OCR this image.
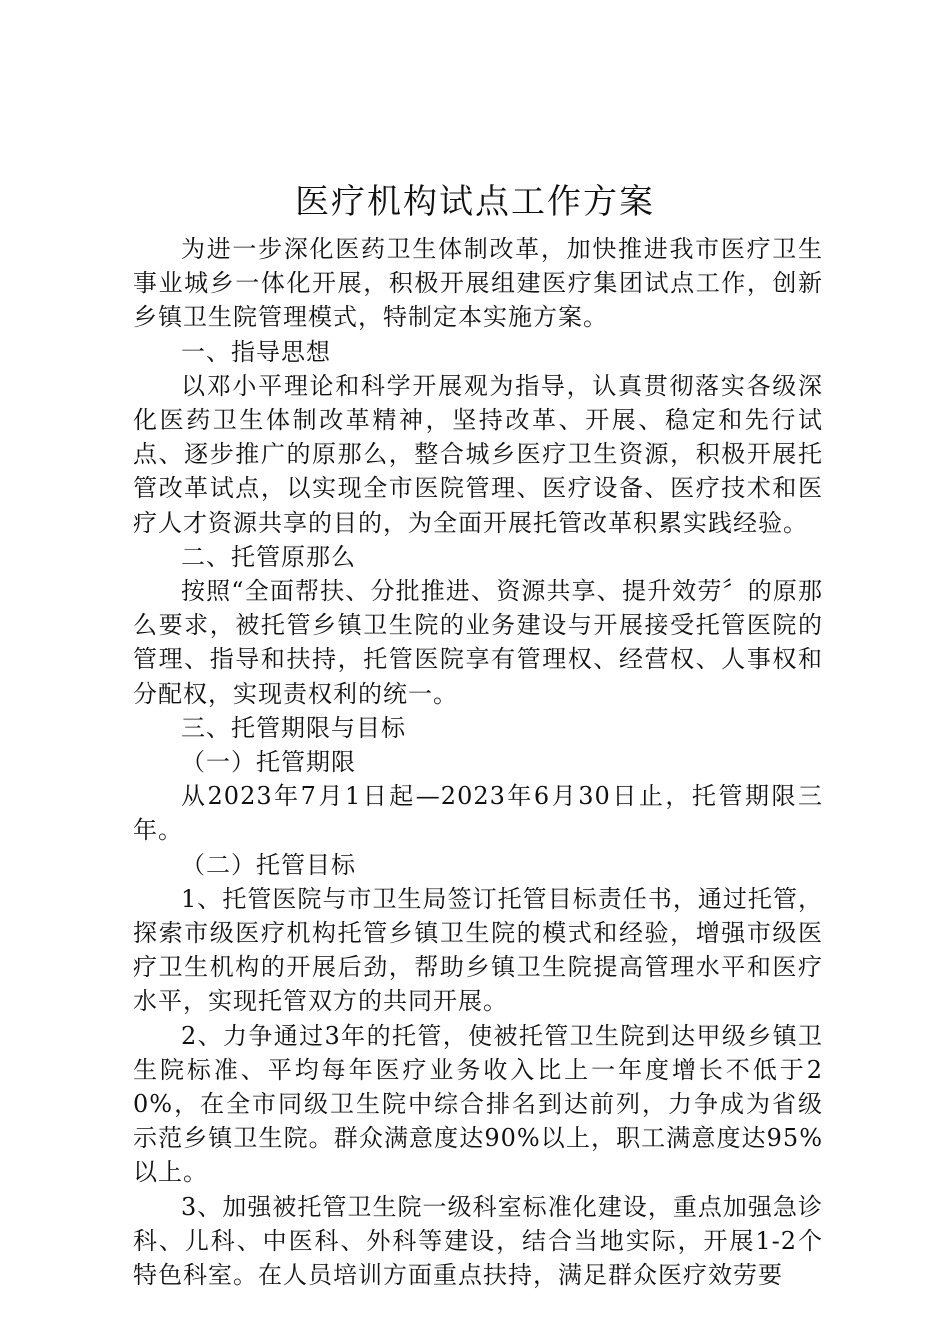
医疗机构试点工作方案

为进一步深化医药卫生体制改革，加快推进我市医疗卫生事业城乡一体化开展，积极开展组建医疗集团试点工作，创新乡镇卫生院管理模式，特制定本实施方案。

一、指导思想

以邓小平理论和科学开展观为指导，认真贯彻落实各级深化医药卫生体制改革精神，坚持改革、开展、稳定和先行试点、逐步推广的原那么，整合城乡医疗卫生资源，积极开展托管改革试点，以实现全市医院管理、医疗设备、医疗技术和医疗人才资源共享的目的，为全面开展托管改革积累实践经验。

二、托管原那么

按照“全面帮扶、分批推进、资源共享、提升效劳〞的原那么要求，被托管乡镇卫生院的业务建设与开展接受托管医院的管理、指导和扶持，托管医院享有管理权、经营权、人事权和分配权，实现责权利的统一。

三、托管期限与目标

（一）托管期限

从2023年7月1日起—2023年6月30日止，托管期限三年。

（二）托管目标

1、托管医院与市卫生局签订托管目标责任书，通过托管，探索市级医疗机构托管乡镇卫生院的模式和经验，增强市级医疗卫生机构的开展后劲，帮助乡镇卫生院提高管理水平和医疗水平，实现托管双方的共同开展。

2、力争通过3年的托管，使被托管卫生院到达甲级乡镇卫生院标准、平均每年医疗业务收入比上一年度增长不低于20%，在全市同级卫生院中综合排名到达前列，力争成为省级示范乡镇卫生院。群众满意度达90%以上，职工满意度达95%以上。

3、加强被托管卫生院一级科室标准化建设，重点加强急诊科、儿科、中医科、外科等建设，结合当地实际，开展1-2个特色科室。在人员培训方面重点扶持，满足群众医疗效劳要
